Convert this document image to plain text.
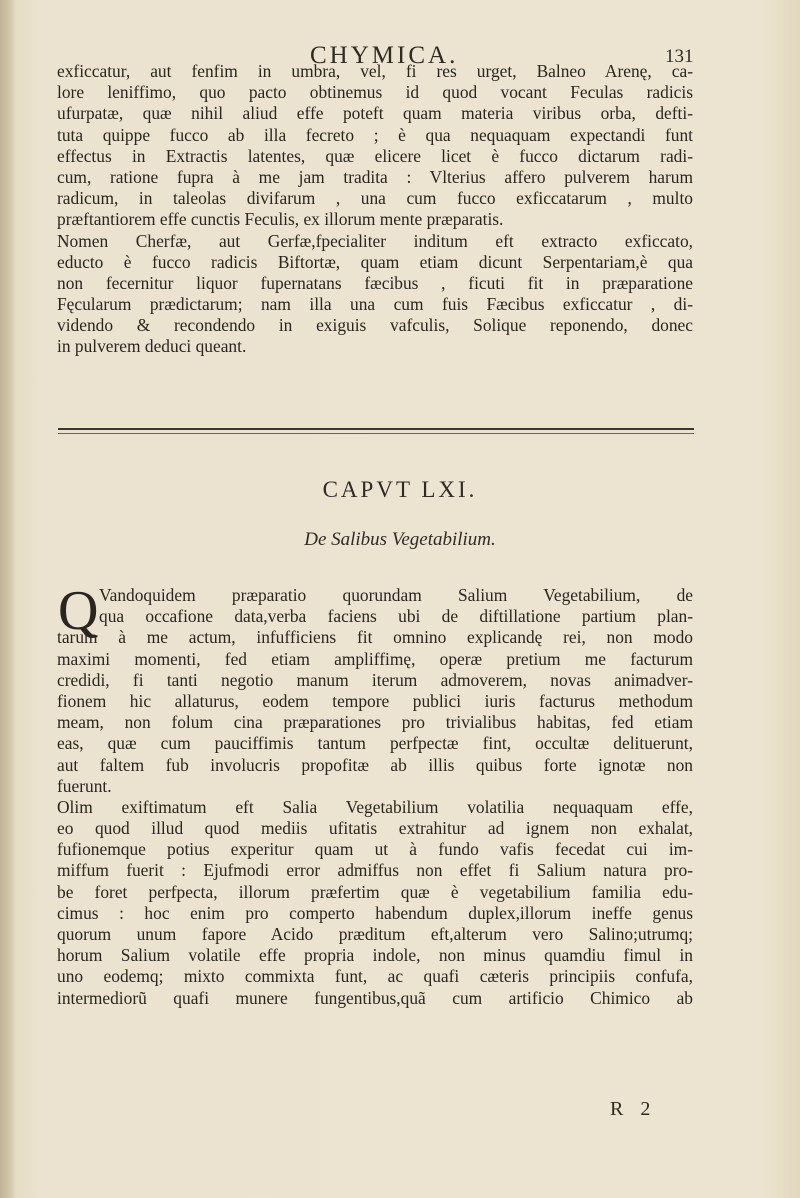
CHYMICA.	131
exficcatur, aut fenfim in umbra, vel, fi res urget, Balneo Arenę, ca-
lore leniffimo, quo pacto obtinemus id quod vocant Feculas radicis
ufurpatæ, quæ nihil aliud effe poteft quam materia viribus orba, defti-
tuta quippe fucco ab illa fecreto ; è qua nequaquam expectandi funt
effectus in Extractis latentes, quæ elicere licet è fucco dictarum radi-
cum, ratione fupra à me jam tradita : Vlterius affero pulverem harum
radicum, in taleolas divifarum , una cum fucco exficcatarum , multo
præftantiorem effe cunctis Feculis, ex illorum mente præparatis.
Nomen Cherfæ, aut Gerfæ,fpecialiter inditum eft extracto exficcato,
educto è fucco radicis Biftortæ, quam etiam dicunt Serpentariam,è qua
non fecernitur liquor fupernatans fæcibus , ficuti fit in præparatione
Fęcularum prædictarum; nam illa una cum fuis Fæcibus exficcatur , di-
videndo & recondendo in exiguis vafculis, Solique reponendo, donec
in pulverem deduci queant.
CAPVT LXI.
De Salibus Vegetabilium.
Q Vandoquidem præparatio quorundam Salium Vegetabilium, de
qua occafione data,verba faciens ubi de diftillatione partium plan-
tarum à me actum, infufficiens fit omnino explicandę rei, non modo
maximi momenti, fed etiam ampliffimę, operæ pretium me facturum
credidi, fi tanti negotio manum iterum admoverem, novas animadver-
fionem hic allaturus, eodem tempore publici iuris facturus methodum
meam, non folum cina præparationes pro trivialibus habitas, fed etiam
eas, quæ cum pauciffimis tantum perfpectæ fint, occultæ delituerunt,
aut faltem fub involucris propofitæ ab illis quibus forte ignotæ non
fuerunt.
Olim exiftimatum eft Salia Vegetabilium volatilia nequaquam effe,
eo quod illud quod mediis ufitatis extrahitur ad ignem non exhalat,
fufionemque potius experitur quam ut à fundo vafis fecedat cui im-
miffum fuerit : Ejufmodi error admiffus non effet fi Salium natura pro-
be foret perfpecta, illorum præfertim quæ è vegetabilium familia edu-
cimus : hoc enim pro comperto habendum duplex,illorum ineffe genus
quorum unum fapore Acido præditum eft,alterum vero Salino;utrumq;
horum Salium volatile effe propria indole, non minus quamdiu fimul in
uno eodemq; mixto commixta funt, ac quafi cæteris principiis confufa,
intermediorũ quafi munere fungentibus,quã cum artificio Chimico ab
R 2
